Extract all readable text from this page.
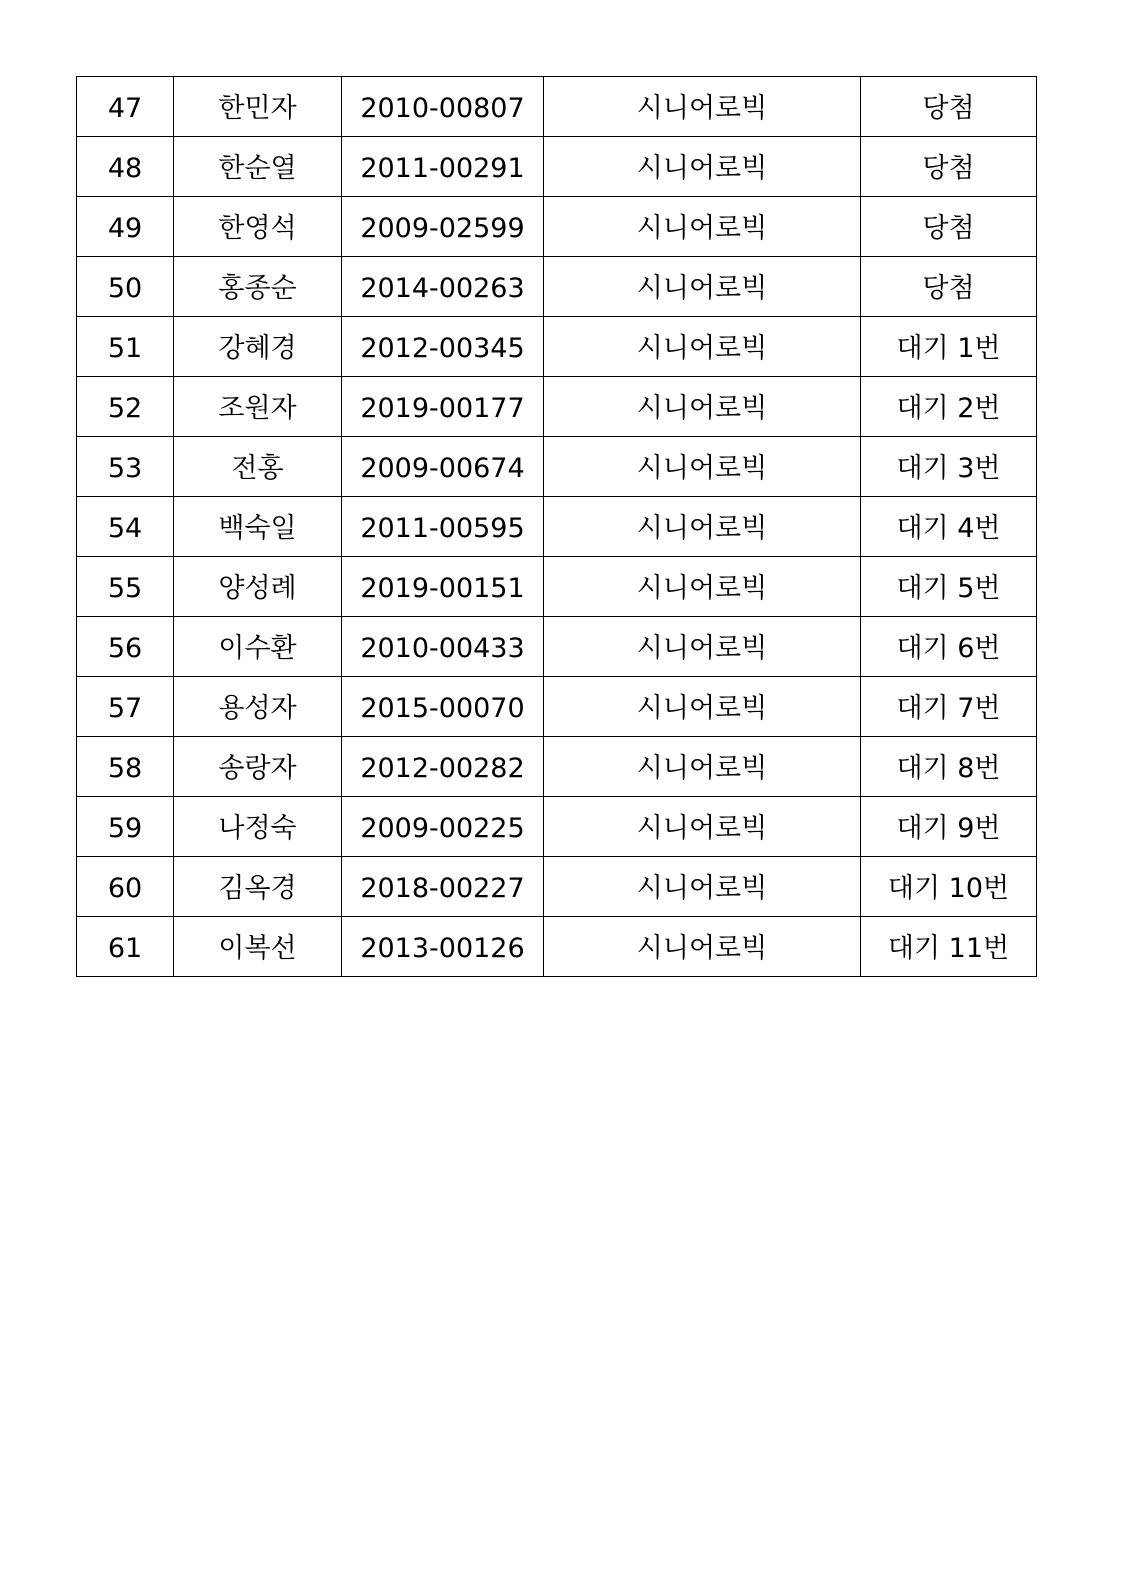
47	한민자	2010-00807	시니어로빅	당첨
48	한순열	2011-00291	시니어로빅	당첨
49	한영석	2009-02599	시니어로빅	당첨
50	홍종순	2014-00263	시니어로빅	당첨
51	강혜경	2012-00345	시니어로빅	대기 1번
52	조원자	2019-00177	시니어로빅	대기 2번
53	전홍	2009-00674	시니어로빅	대기 3번
54	백숙일	2011-00595	시니어로빅	대기 4번
55	양성례	2019-00151	시니어로빅	대기 5번
56	이수환	2010-00433	시니어로빅	대기 6번
57	용성자	2015-00070	시니어로빅	대기 7번
58	송랑자	2012-00282	시니어로빅	대기 8번
59	나정숙	2009-00225	시니어로빅	대기 9번
60	김옥경	2018-00227	시니어로빅	대기 10번
61	이복선	2013-00126	시니어로빅	대기 11번
